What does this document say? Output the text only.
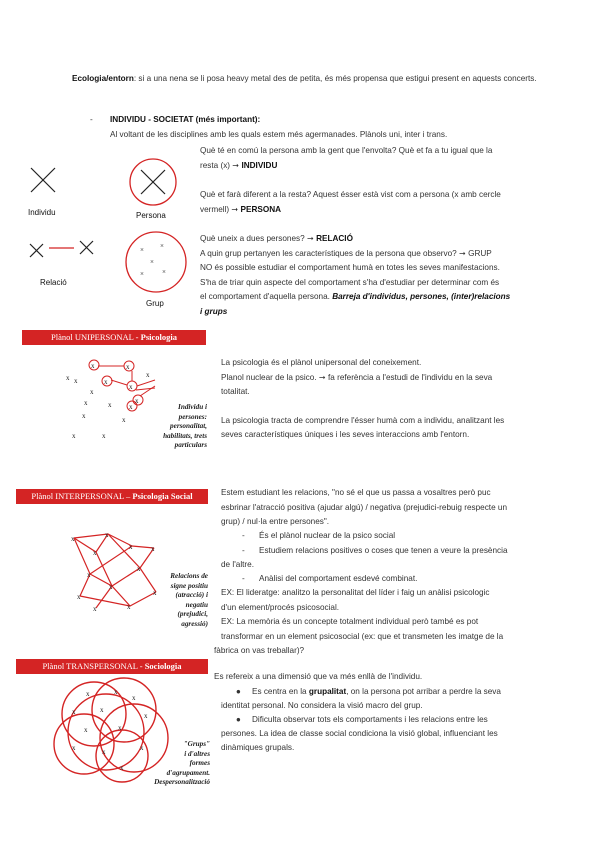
Ecologia/entorn: si a una nena se li posa heavy metal des de petita, és més propensa que estigui present en aquests concerts.
- INDIVIDU - SOCIETAT (més important):
Al voltant de les disciplines amb les quals estem més agermanades. Plànols uni, inter i trans.
× ×
×
×	×
Individu	Persona
Relació
Grup

Què té en comú la persona amb la gent que l'envolta? Què et fa a tu igual que la

resta (x) ➞ INDIVIDU

Què et farà diferent a la resta? Aquest ésser està vist com a persona (x amb cercle

vermell) ➞ PERSONA

Què uneix a dues persones? ➞ RELACIÓ

A quin grup pertanyen les característiques de la persona que observo? ➞ GRUP

NO és possible estudiar el comportament humà en totes les seves manifestacions.

S'ha de triar quin aspecte del comportament s'ha d'estudiar per determinar com és

el comportament d'aquella persona. Barreja d'individus, persones, (inter)relacions

i grups

Plànol UNIPERSONAL - Psicologia
x	x
x
x
x
x
x
x
x
x
x
x	x
x	x
x
Individu i
persones:
personalitat,
habilitats, trets
particulars

La psicologia és el plànol unipersonal del coneixement.

Planol nuclear de la psico. ➞ fa referència a l'estudi de l'individu en la seva

totalitat.

La psicologia tracta de comprendre l'ésser humà com a individu, analitzant les

seves característiques úniques i les seves interaccions amb l'entorn.

Plànol INTERPERSONAL – Psicologia Social
x
x
x
x	x
x
x
x
x
x
x
x
Relacions de
signe positiu
(atracció) i
negatiu
(prejudici,
agressió)

Estem estudiant les relacions, "no sé el que us passa a vosaltres però puc

esbrinar l'atracció positiva (ajudar algú) / negativa (prejudici-rebuig respecte un

grup) / nul·la entre persones".

- És el plànol nuclear de la psico social
- Estudiem relacions positives o coses que tenen a veure la presència
de l'altre.
- Anàlisi del comportament esdevé combinat.

EX: El lideratge: analitzo la personalitat del líder i faig un anàlisi psicologic

d'un element/procés psicosocial.

EX: La memòria és un concepte totalment individual però també es pot

transformar en un element psicosocial (ex: que et transmeten les imatge de la

fàbrica on vas treballar)?
Plànol TRANSPERSONAL - Sociologia
x	x
x
x	x
x
x	x
x	x	x
x
"Grups"
i d'altres
formes
d'agrupament.
Despersonalització
Es refereix a una dimensió que va més enllà de l'individu.
● Es centra en la grupalitat, on la persona pot arribar a perdre la seva
identitat personal. No considera la visió macro del grup.
● Dificulta observar tots els comportaments i les relacions entre les
persones. La idea de classe social condiciona la visió global, influenciant les
dinàmiques grupals.
